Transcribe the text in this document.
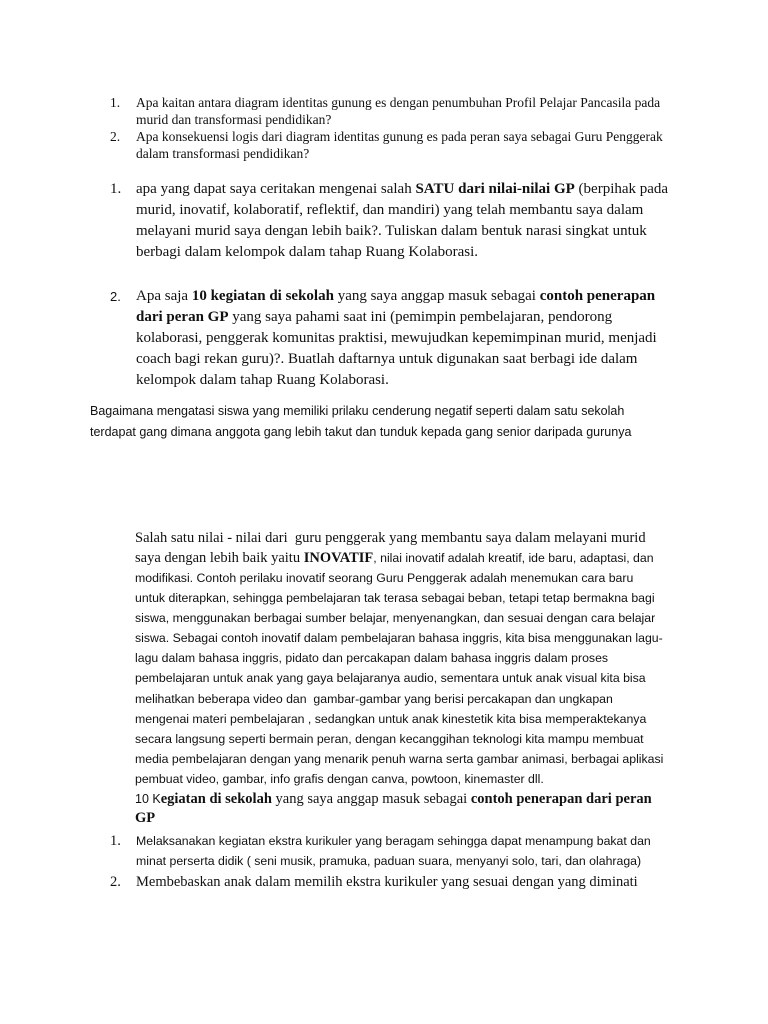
1. Apa kaitan antara diagram identitas gunung es dengan penumbuhan Profil Pelajar Pancasila pada
murid dan transformasi pendidikan?
2. Apa konsekuensi logis dari diagram identitas gunung es pada peran saya sebagai Guru Penggerak
dalam transformasi pendidikan?
1. apa yang dapat saya ceritakan mengenai salah SATU dari nilai-nilai GP (berpihak pada
murid, inovatif, kolaboratif, reflektif, dan mandiri) yang telah membantu saya dalam
melayani murid saya dengan lebih baik?. Tuliskan dalam bentuk narasi singkat untuk
berbagi dalam kelompok dalam tahap Ruang Kolaborasi.
2. Apa saja 10 kegiatan di sekolah yang saya anggap masuk sebagai contoh penerapan
dari peran GP yang saya pahami saat ini (pemimpin pembelajaran, pendorong
kolaborasi, penggerak komunitas praktisi, mewujudkan kepemimpinan murid, menjadi
coach bagi rekan guru)?. Buatlah daftarnya untuk digunakan saat berbagi ide dalam
kelompok dalam tahap Ruang Kolaborasi.
Bagaimana mengatasi siswa yang memiliki prilaku cenderung negatif seperti dalam satu sekolah
terdapat gang dimana anggota gang lebih takut dan tunduk kepada gang senior daripada gurunya
Salah satu nilai - nilai dari  guru penggerak yang membantu saya dalam melayani murid
saya dengan lebih baik yaitu INOVATIF, nilai inovatif adalah kreatif, ide baru, adaptasi, dan
modifikasi. Contoh perilaku inovatif seorang Guru Penggerak adalah menemukan cara baru
untuk diterapkan, sehingga pembelajaran tak terasa sebagai beban, tetapi tetap bermakna bagi
siswa, menggunakan berbagai sumber belajar, menyenangkan, dan sesuai dengan cara belajar
siswa. Sebagai contoh inovatif dalam pembelajaran bahasa inggris, kita bisa menggunakan lagu-
lagu dalam bahasa inggris, pidato dan percakapan dalam bahasa inggris dalam proses
pembelajaran untuk anak yang gaya belajaranya audio, sementara untuk anak visual kita bisa
melihatkan beberapa video dan  gambar-gambar yang berisi percakapan dan ungkapan
mengenai materi pembelajaran , sedangkan untuk anak kinestetik kita bisa memperaktekanya
secara langsung seperti bermain peran, dengan kecanggihan teknologi kita mampu membuat
media pembelajaran dengan yang menarik penuh warna serta gambar animasi, berbagai aplikasi
pembuat video, gambar, info grafis dengan canva, powtoon, kinemaster dll.
10 Kegiatan di sekolah yang saya anggap masuk sebagai contoh penerapan dari peran
GP
1. Melaksanakan kegiatan ekstra kurikuler yang beragam sehingga dapat menampung bakat dan
minat perserta didik ( seni musik, pramuka, paduan suara, menyanyi solo, tari, dan olahraga)
2. Membebaskan anak dalam memilih ekstra kurikuler yang sesuai dengan yang diminati
